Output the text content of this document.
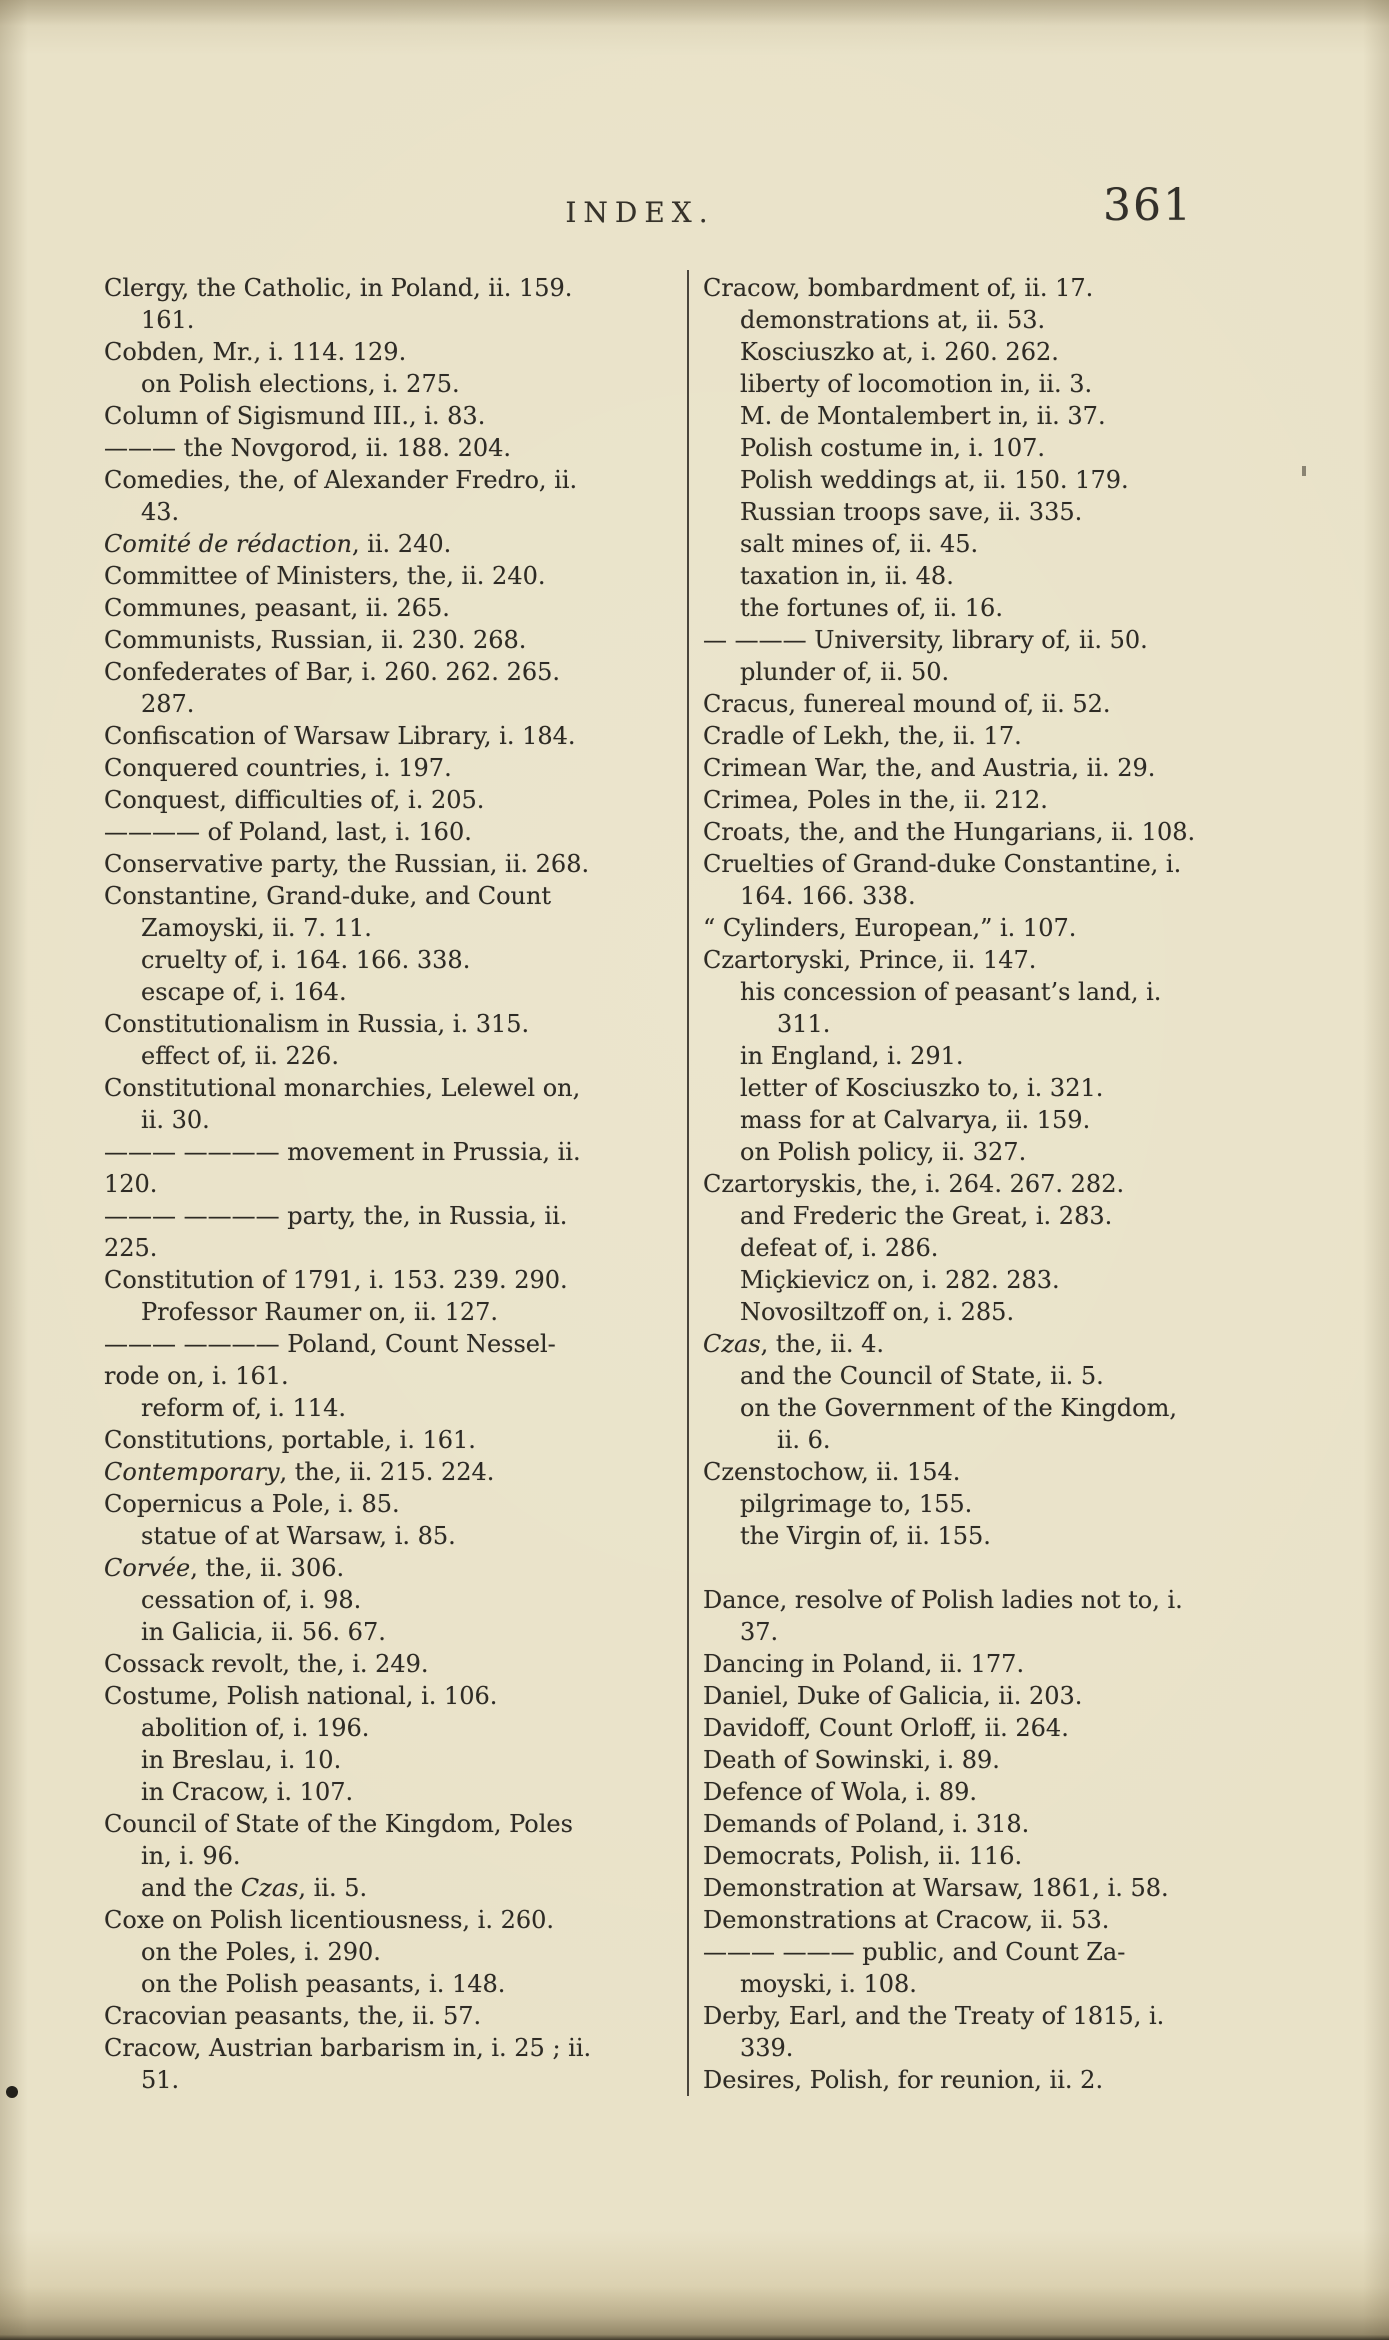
INDEX.	361
Clergy, the Catholic, in Poland, ii. 159.
161.
Cobden, Mr., i. 114. 129.
on Polish elections, i. 275.
Column of Sigismund III., i. 83.
——— the Novgorod, ii. 188. 204.
Comedies, the, of Alexander Fredro, ii.
43.
Comité de rédaction, ii. 240.
Committee of Ministers, the, ii. 240.
Communes, peasant, ii. 265.
Communists, Russian, ii. 230. 268.
Confederates of Bar, i. 260. 262. 265.
287.
Confiscation of Warsaw Library, i. 184.
Conquered countries, i. 197.
Conquest, difficulties of, i. 205.
———— of Poland, last, i. 160.
Conservative party, the Russian, ii. 268.
Constantine, Grand-duke, and Count
Zamoyski, ii. 7. 11.
cruelty of, i. 164. 166. 338.
escape of, i. 164.
Constitutionalism in Russia, i. 315.
effect of, ii. 226.
Constitutional monarchies, Lelewel on,
ii. 30.
——— ———— movement in Prussia, ii.
120.
——— ———— party, the, in Russia, ii.
225.
Constitution of 1791, i. 153. 239. 290.
Professor Raumer on, ii. 127.
——— ———— Poland, Count Nessel-
rode on, i. 161.
reform of, i. 114.
Constitutions, portable, i. 161.
Contemporary, the, ii. 215. 224.
Copernicus a Pole, i. 85.
statue of at Warsaw, i. 85.
Corvée, the, ii. 306.
cessation of, i. 98.
in Galicia, ii. 56. 67.
Cossack revolt, the, i. 249.
Costume, Polish national, i. 106.
abolition of, i. 196.
in Breslau, i. 10.
in Cracow, i. 107.
Council of State of the Kingdom, Poles
in, i. 96.
and the Czas, ii. 5.
Coxe on Polish licentiousness, i. 260.
on the Poles, i. 290.
on the Polish peasants, i. 148.
Cracovian peasants, the, ii. 57.
Cracow, Austrian barbarism in, i. 25 ; ii.
51.
Cracow, bombardment of, ii. 17.
demonstrations at, ii. 53.
Kosciuszko at, i. 260. 262.
liberty of locomotion in, ii. 3.
M. de Montalembert in, ii. 37.
Polish costume in, i. 107.
Polish weddings at, ii. 150. 179.
Russian troops save, ii. 335.
salt mines of, ii. 45.
taxation in, ii. 48.
the fortunes of, ii. 16.
— ——— University, library of, ii. 50.
plunder of, ii. 50.
Cracus, funereal mound of, ii. 52.
Cradle of Lekh, the, ii. 17.
Crimean War, the, and Austria, ii. 29.
Crimea, Poles in the, ii. 212.
Croats, the, and the Hungarians, ii. 108.
Cruelties of Grand-duke Constantine, i.
164. 166. 338.
“ Cylinders, European,” i. 107.
Czartoryski, Prince, ii. 147.
his concession of peasant’s land, i.
311.
in England, i. 291.
letter of Kosciuszko to, i. 321.
mass for at Calvarya, ii. 159.
on Polish policy, ii. 327.
Czartoryskis, the, i. 264. 267. 282.
and Frederic the Great, i. 283.
defeat of, i. 286.
Miçkievicz on, i. 282. 283.
Novosiltzoff on, i. 285.
Czas, the, ii. 4.
and the Council of State, ii. 5.
on the Government of the Kingdom,
ii. 6.
Czenstochow, ii. 154.
pilgrimage to, 155.
the Virgin of, ii. 155.
Dance, resolve of Polish ladies not to, i.
37.
Dancing in Poland, ii. 177.
Daniel, Duke of Galicia, ii. 203.
Davidoff, Count Orloff, ii. 264.
Death of Sowinski, i. 89.
Defence of Wola, i. 89.
Demands of Poland, i. 318.
Democrats, Polish, ii. 116.
Demonstration at Warsaw, 1861, i. 58.
Demonstrations at Cracow, ii. 53.
——— ——— public, and Count Za-
moyski, i. 108.
Derby, Earl, and the Treaty of 1815, i.
339.
Desires, Polish, for reunion, ii. 2.
